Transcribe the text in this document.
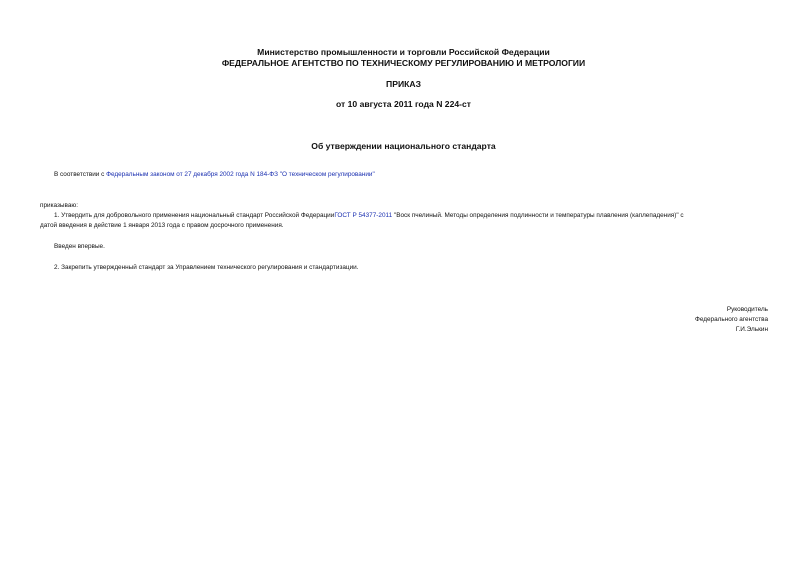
Министерство промышленности и торговли Российской Федерации
ФЕДЕРАЛЬНОЕ АГЕНТСТВО ПО ТЕХНИЧЕСКОМУ РЕГУЛИРОВАНИЮ И МЕТРОЛОГИИ
ПРИКАЗ
от 10 августа 2011 года N 224-ст
Об утверждении национального стандарта
В соответствии с Федеральным законом от 27 декабря 2002 года N 184-ФЗ "О техническом регулировании"
приказываю:
1. Утвердить для добровольного применения национальный стандарт Российской ФедерацииГОСТ Р 54377-2011 "Воск пчелиный. Методы определения подлинности и температуры плавления (каплепадения)" с
датой введения в действие 1 января 2013 года с правом досрочного применения.
Введен впервые.
2. Закрепить утвержденный стандарт за Управлением технического регулирования и стандартизации.
Руководитель
Федерального агентства
Г.И.Элькин
